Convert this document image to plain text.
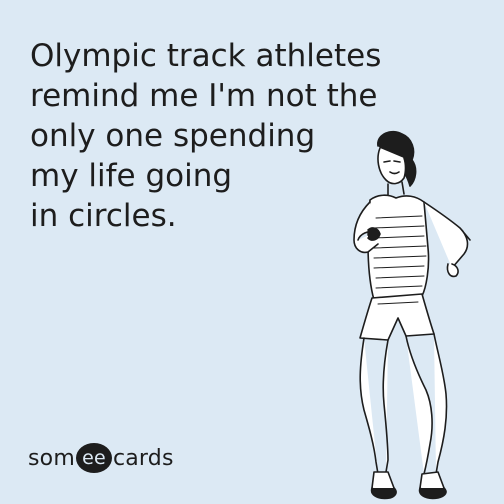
Olympic track athletes
remind me I'm not the
only one spending
my life going
in circles.

som ee cards
